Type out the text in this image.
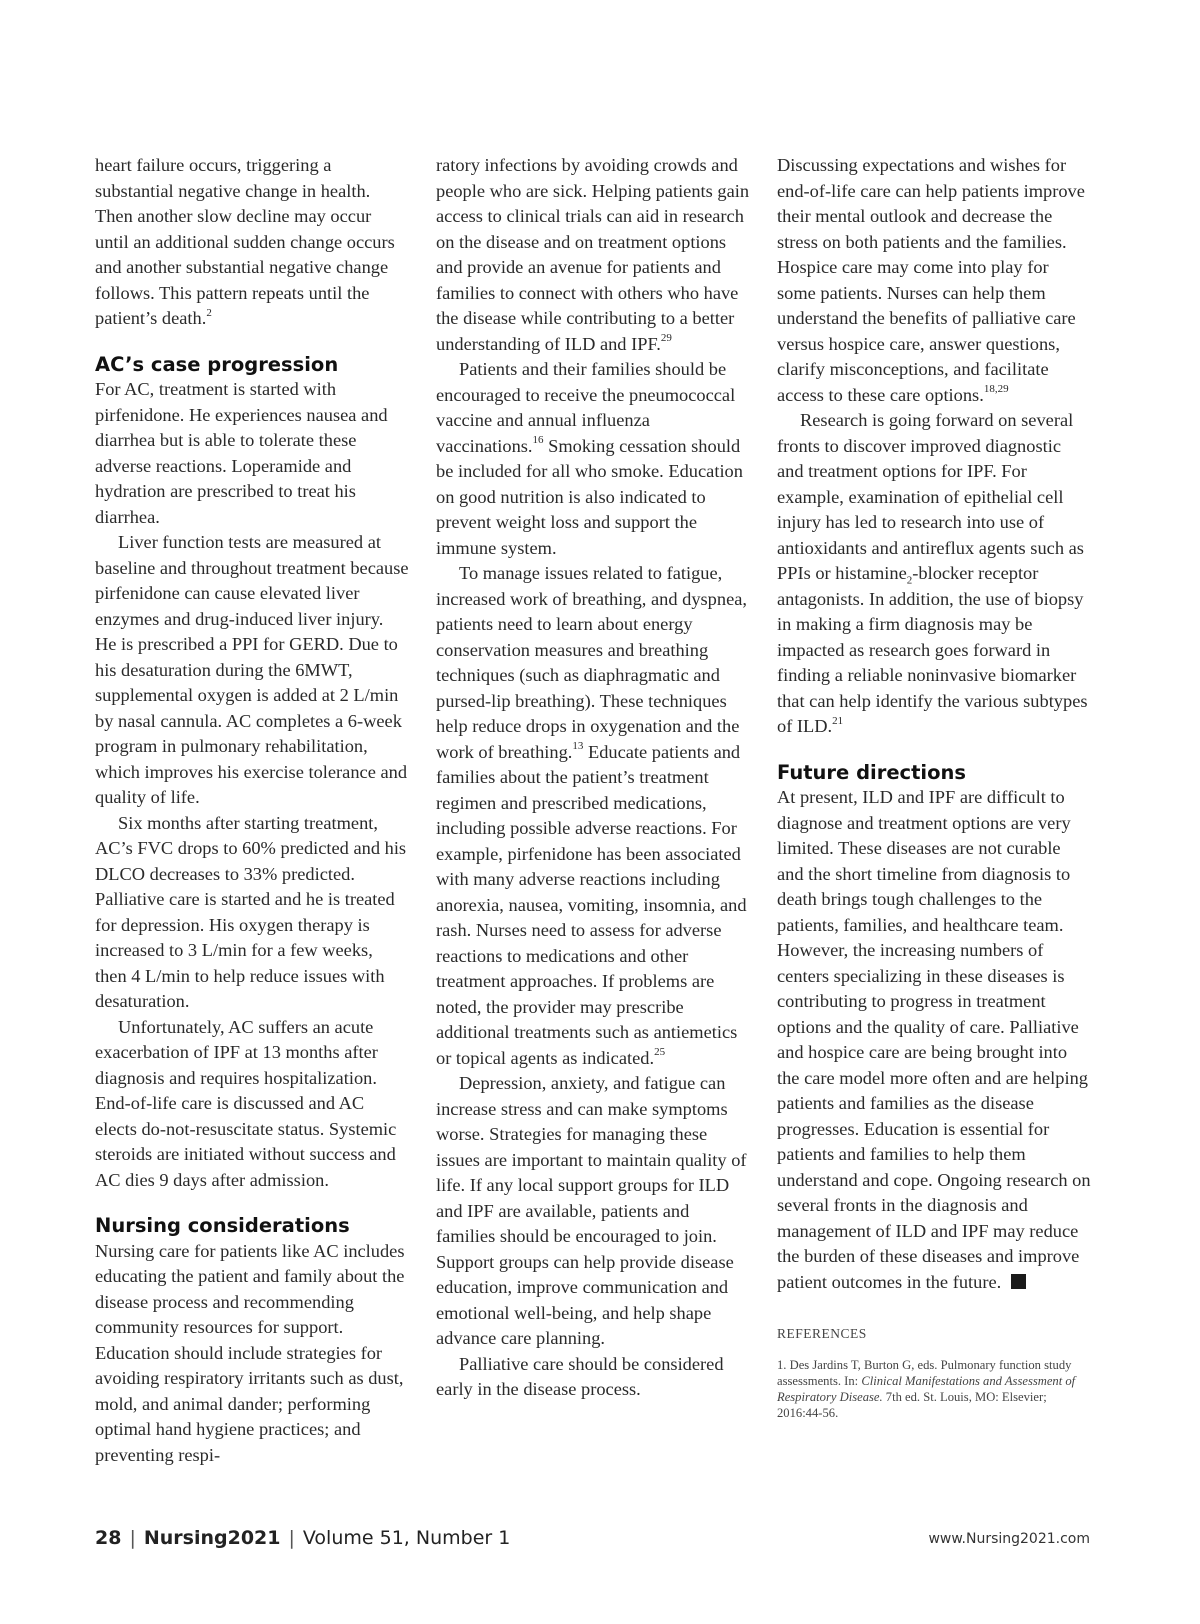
heart failure occurs, triggering a substantial negative change in health. Then another slow decline may occur until an additional sudden change occurs and another substantial negative change follows. This pattern repeats until the patient’s death.$^2$

AC’s case progression

For AC, treatment is started with pirfenidone. He experiences nausea and diarrhea but is able to tolerate these adverse reactions. Loperamide and hydration are prescribed to treat his diarrhea.

Liver function tests are measured at baseline and throughout treatment because pirfenidone can cause elevated liver enzymes and drug-induced liver injury. He is prescribed a PPI for GERD. Due to his desaturation during the 6MWT, supplemental oxygen is added at 2 L/min by nasal cannula. AC completes a 6-week program in pulmonary rehabilitation, which improves his exercise tolerance and quality of life.

Six months after starting treatment, AC’s FVC drops to 60% predicted and his DLCO decreases to 33% predicted. Palliative care is started and he is treated for depression. His oxygen therapy is increased to 3 L/min for a few weeks, then 4 L/min to help reduce issues with desaturation.

Unfortunately, AC suffers an acute exacerbation of IPF at 13 months after diagnosis and requires hospitalization. End-of-life care is discussed and AC elects do-not-resuscitate status. Systemic steroids are initiated without success and AC dies 9 days after admission.

Nursing considerations

Nursing care for patients like AC includes educating the patient and family about the disease process and recommending community resources for support. Education should include strategies for avoiding respiratory irritants such as dust, mold, and animal dander; performing optimal hand hygiene practices; and preventing respi-

ratory infections by avoiding crowds and people who are sick. Helping patients gain access to clinical trials can aid in research on the disease and on treatment options and provide an avenue for patients and families to connect with others who have the disease while contributing to a better understanding of ILD and IPF.$^{29}$

Patients and their families should be encouraged to receive the pneumococcal vaccine and annual influenza vaccinations.$^{16}$ Smoking cessation should be included for all who smoke. Education on good nutrition is also indicated to prevent weight loss and support the immune system.

To manage issues related to fatigue, increased work of breathing, and dyspnea, patients need to learn about energy conservation measures and breathing techniques (such as diaphragmatic and pursed-lip breathing). These techniques help reduce drops in oxygenation and the work of breathing.$^{13}$ Educate patients and families about the patient’s treatment regimen and prescribed medications, including possible adverse reactions. For example, pirfenidone has been associated with many adverse reactions including anorexia, nausea, vomiting, insomnia, and rash. Nurses need to assess for adverse reactions to medications and other treatment approaches. If problems are noted, the provider may prescribe additional treatments such as antiemetics or topical agents as indicated.$^{25}$

Depression, anxiety, and fatigue can increase stress and can make symptoms worse. Strategies for managing these issues are important to maintain quality of life. If any local support groups for ILD and IPF are available, patients and families should be encouraged to join. Support groups can help provide disease education, improve communication and emotional well-being, and help shape advance care planning.

Palliative care should be considered early in the disease process.

Discussing expectations and wishes for end-of-life care can help patients improve their mental outlook and decrease the stress on both patients and the families. Hospice care may come into play for some patients. Nurses can help them understand the benefits of palliative care versus hospice care, answer questions, clarify misconceptions, and facilitate access to these care options.$^{18,29}$

Research is going forward on several fronts to discover improved diagnostic and treatment options for IPF. For example, examination of epithelial cell injury has led to research into use of antioxidants and antireflux agents such as PPIs or histamine$_2$-blocker receptor antagonists. In addition, the use of biopsy in making a firm diagnosis may be impacted as research goes forward in finding a reliable noninvasive biomarker that can help identify the various subtypes of ILD.$^{21}$

Future directions

At present, ILD and IPF are difficult to diagnose and treatment options are very limited. These diseases are not curable and the short timeline from diagnosis to death brings tough challenges to the patients, families, and healthcare team. However, the increasing numbers of centers specializing in these diseases is contributing to progress in treatment options and the quality of care. Palliative and hospice care are being brought into the care model more often and are helping patients and families as the disease progresses. Education is essential for patients and families to help them understand and cope. Ongoing research on several fronts in the diagnosis and management of ILD and IPF may reduce the burden of these diseases and improve patient outcomes in the future.

REFERENCES
1. Des Jardins T, Burton G, eds. Pulmonary function study assessments. In: Clinical Manifestations and Assessment of Respiratory Disease. 7th ed. St. Louis, MO: Elsevier; 2016:44-56.
28 | Nursing2021 | Volume 51, Number 1	www.Nursing2021.com
